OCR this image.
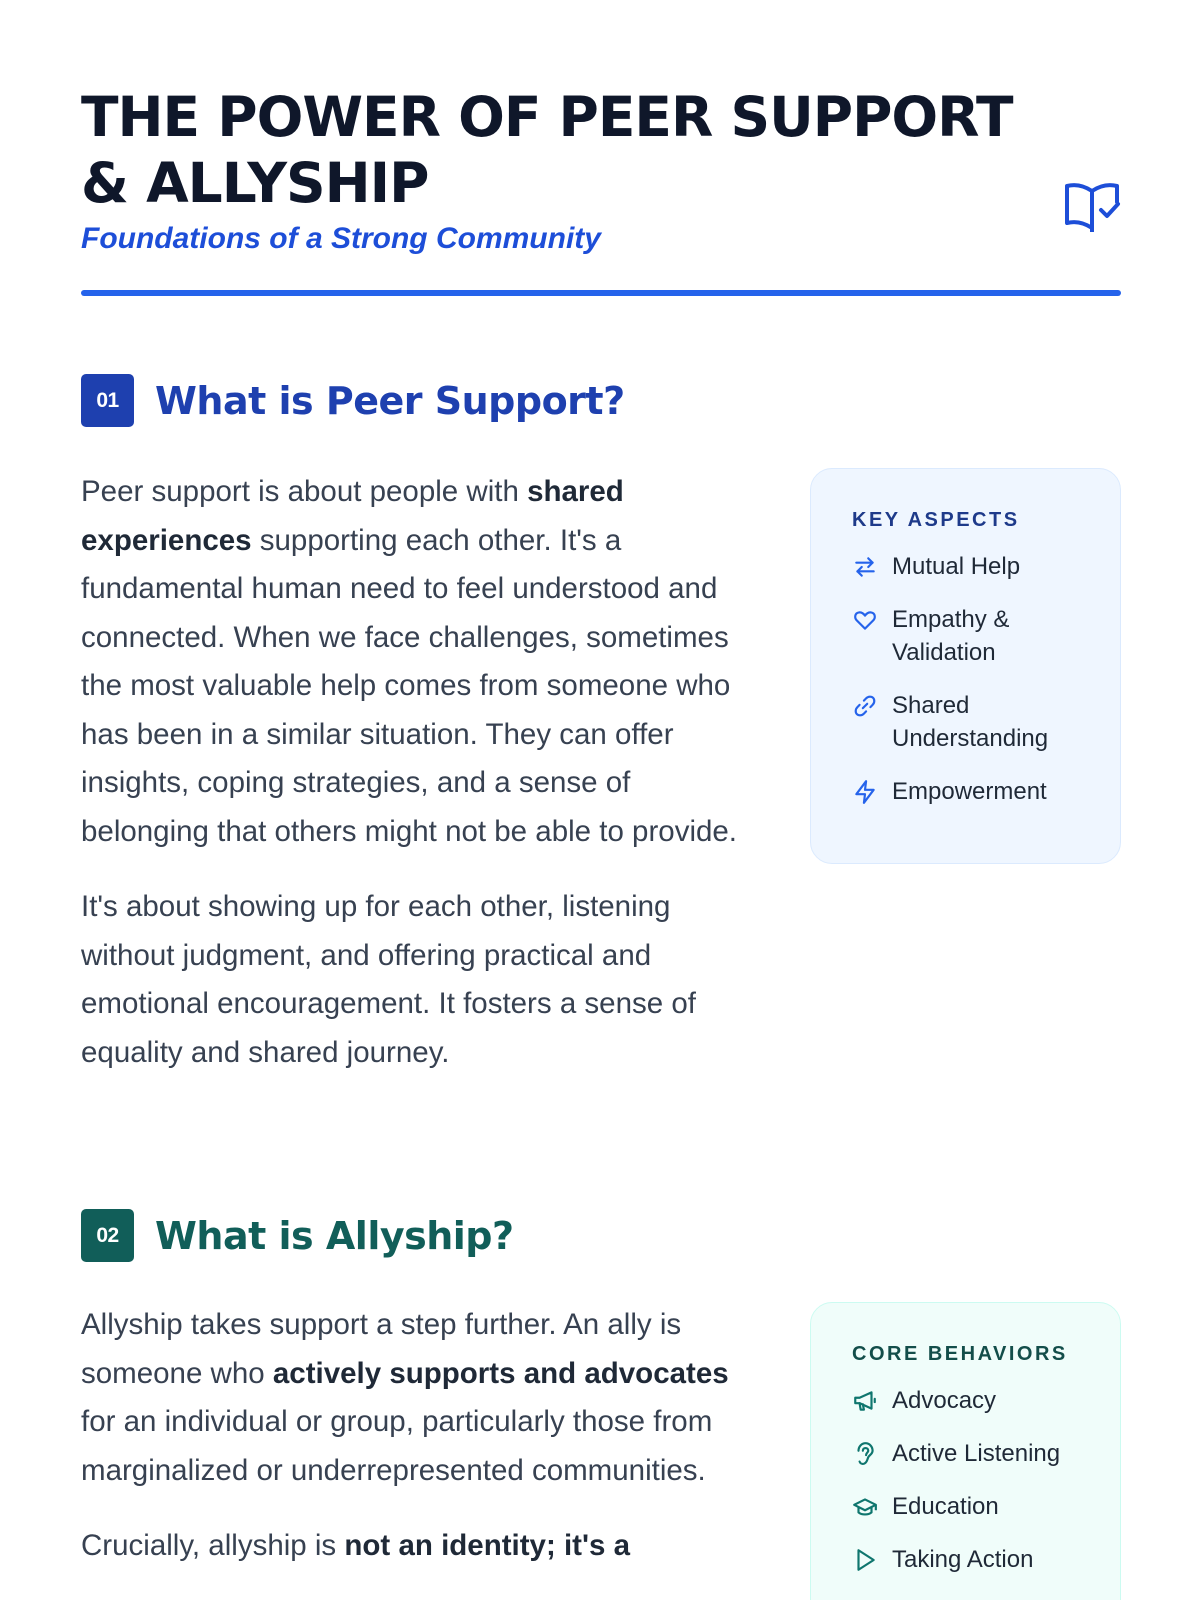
THE POWER OF PEER SUPPORT
& ALLYSHIP
Foundations of a Strong Community
01 What is Peer Support?

Peer support is about people with shared experiences supporting each other. It's a fundamental human need to feel understood and connected. When we face challenges, sometimes the most valuable help comes from someone who has been in a similar situation. They can offer insights, coping strategies, and a sense of belonging that others might not be able to provide.

It's about showing up for each other, listening without judgment, and offering practical and emotional encouragement. It fosters a sense of equality and shared journey.

KEY ASPECTS
Mutual Help
Empathy & Validation
Shared Understanding
Empowerment
02 What is Allyship?

Allyship takes support a step further. An ally is someone who actively supports and advocates for an individual or group, particularly those from marginalized or underrepresented communities.

Crucially, allyship is not an identity; it's a

CORE BEHAVIORS
Advocacy
Active Listening
Education
Taking Action
